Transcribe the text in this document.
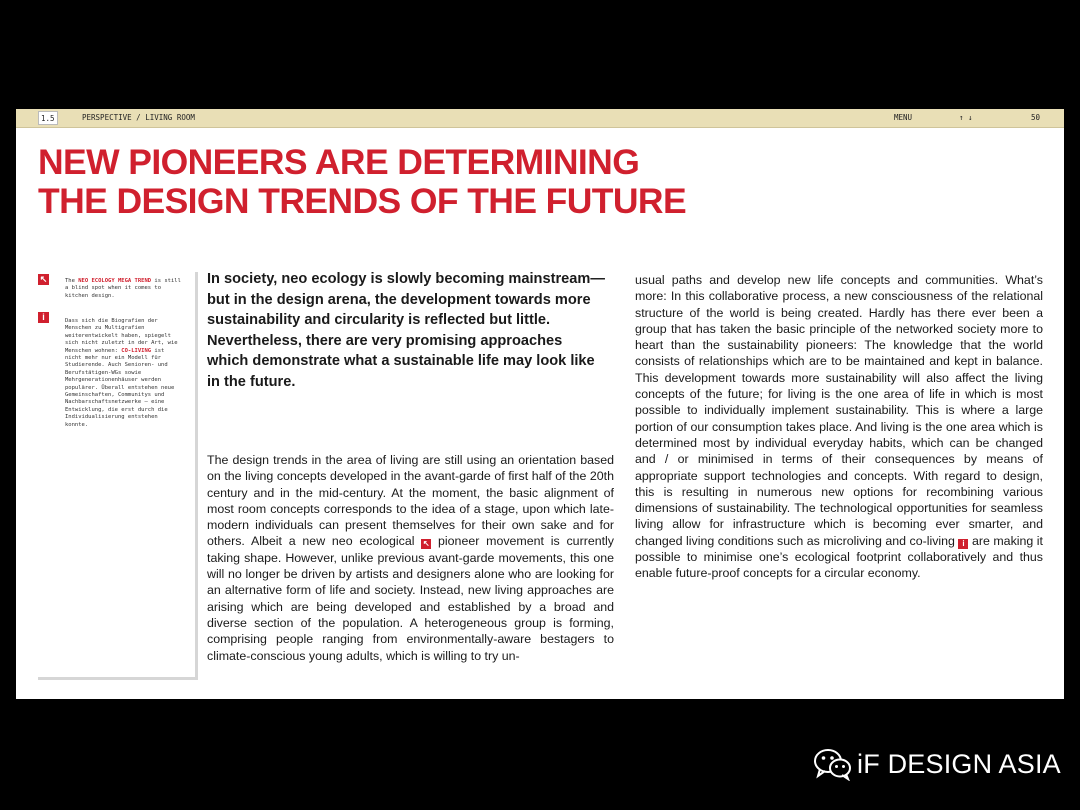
1.5	PERSPECTIVE / LIVING ROOM	MENU	↑ ↓	50
NEW PIONEERS ARE DETERMINING
THE DESIGN TRENDS OF THE FUTURE
↖	The NEO ECOLOGY MEGA TREND is still a blind spot when it comes to kitchen design.

i	Dass sich die Biografien der Menschen zu Multigrafien weiterentwickelt haben, spiegelt sich nicht zuletzt in der Art, wie Menschen wohnen: CO-LIVING ist nicht mehr nur ein Modell für Studierende. Auch Senioren- und Berufstätigen-WGs sowie Mehrgenerationenhäuser werden populärer. Überall entstehen neue Gemeinschaften, Communitys und Nachbarschaftsnetzwerke – eine Entwicklung, die erst durch die Individualisierung entstehen konnte.

In society, neo ecology is slowly becoming mainstream—but in the design arena, the development towards more sustainability and circularity is reflected but little. Nevertheless, there are very promising approaches which demonstrate what a sustainable life may look like in the future.

The design trends in the area of living are still using an orientation based on the living concepts developed in the avant-garde of first half of the 20th century and in the mid-century. At the moment, the basic alignment of most room concepts corresponds to the idea of a stage, upon which late-modern individuals can present themselves for their own sake and for others. Albeit a new neo ecological ↖ pioneer movement is currently taking shape. However, unlike previous avant-garde movements, this one will no longer be driven by artists and designers alone who are looking for an alternative form of life and society. Instead, new living approaches are arising which are being developed and established by a broad and diverse section of the population. A heterogeneous group is forming, comprising people ranging from environmentally-aware bestagers to climate-conscious young adults, which is willing to try un-

usual paths and develop new life concepts and communities. What’s more: In this collaborative process, a new consciousness of the relational structure of the world is being created. Hardly has there ever been a group that has taken the basic principle of the networked society more to heart than the sustainability pioneers: The knowledge that the world consists of relationships which are to be maintained and kept in balance. This development towards more sustainability will also affect the living concepts of the future; for living is the one area of life in which is most possible to individually implement sustainability. This is where a large portion of our consumption takes place. And living is the one area which is determined most by individual everyday habits, which can be changed and / or minimised in terms of their consequences by means of appropriate support technologies and concepts. With regard to design, this is resulting in numerous new options for recombining various dimensions of sustainability. The technological opportunities for seamless living allow for infrastructure which is becoming ever smarter, and changed living conditions such as microliving and co-living i are making it possible to minimise one’s ecological footprint collaboratively and thus enable future-proof concepts for a circular economy.

iF DESIGN ASIA
